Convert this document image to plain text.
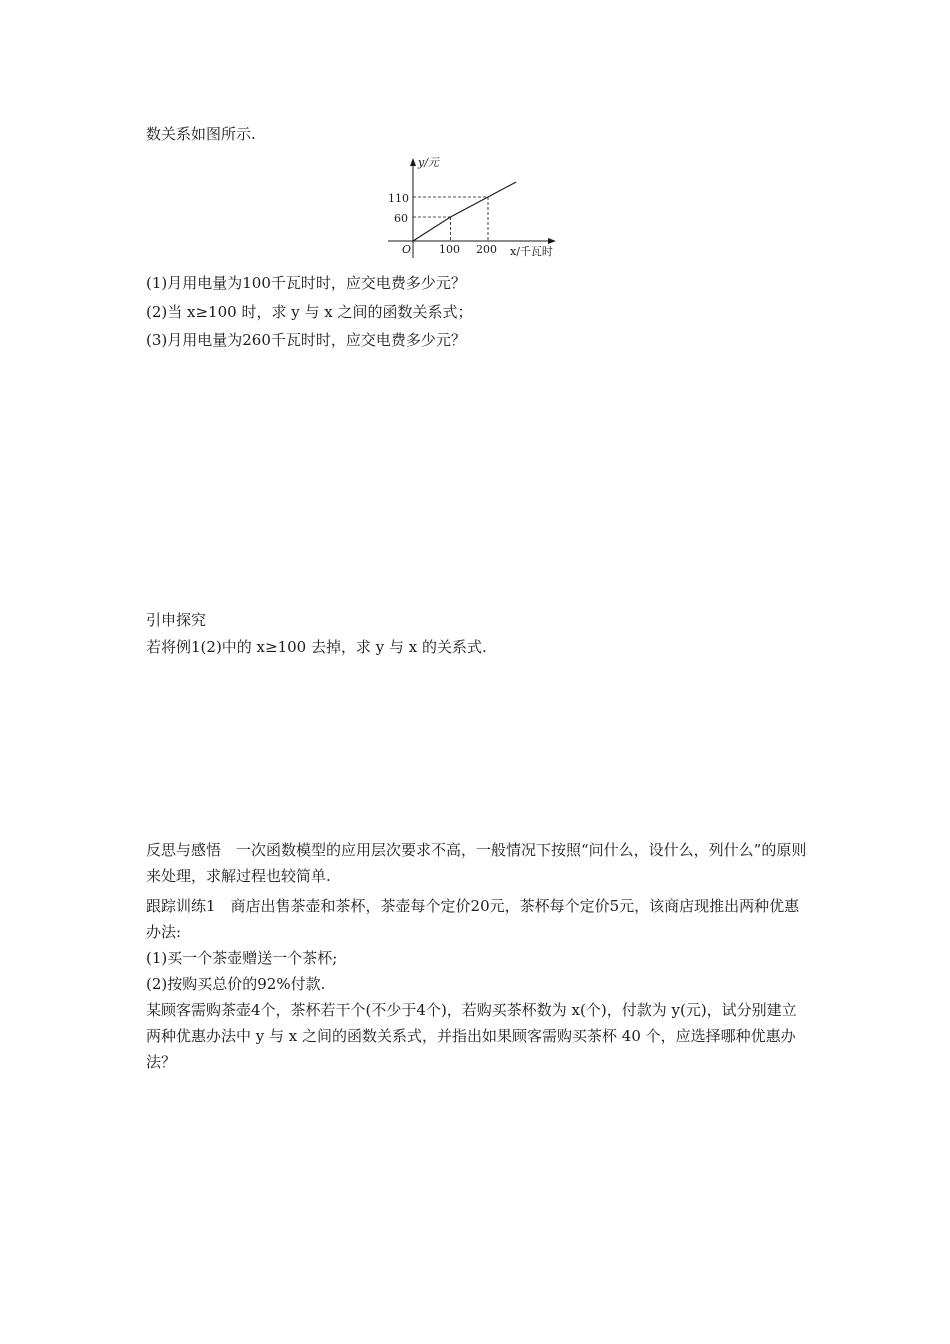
数关系如图所示.
y/元
x/千瓦时
O
110
60
100 200
(1)月用电量为100千瓦时时，应交电费多少元？
(2)当 x≥100 时，求 y 与 x 之间的函数关系式；
(3)月用电量为260千瓦时时，应交电费多少元？
引申探究
若将例1(2)中的 x≥100 去掉，求 y 与 x 的关系式.

反思与感悟　一次函数模型的应用层次要求不高，一般情况下按照“问什么，设什么，列什么”的原则来处理，求解过程也较简单.

跟踪训练1　商店出售茶壶和茶杯，茶壶每个定价20元，茶杯每个定价5元，该商店现推出两种优惠办法:

(1)买一个茶壶赠送一个茶杯;

(2)按购买总价的92%付款.

某顾客需购茶壶4个，茶杯若干个(不少于4个)，若购买茶杯数为 x(个)，付款为 y(元)，试分别建立两种优惠办法中 y 与 x 之间的函数关系式，并指出如果顾客需购买茶杯 40 个，应选择哪种优惠办法？
